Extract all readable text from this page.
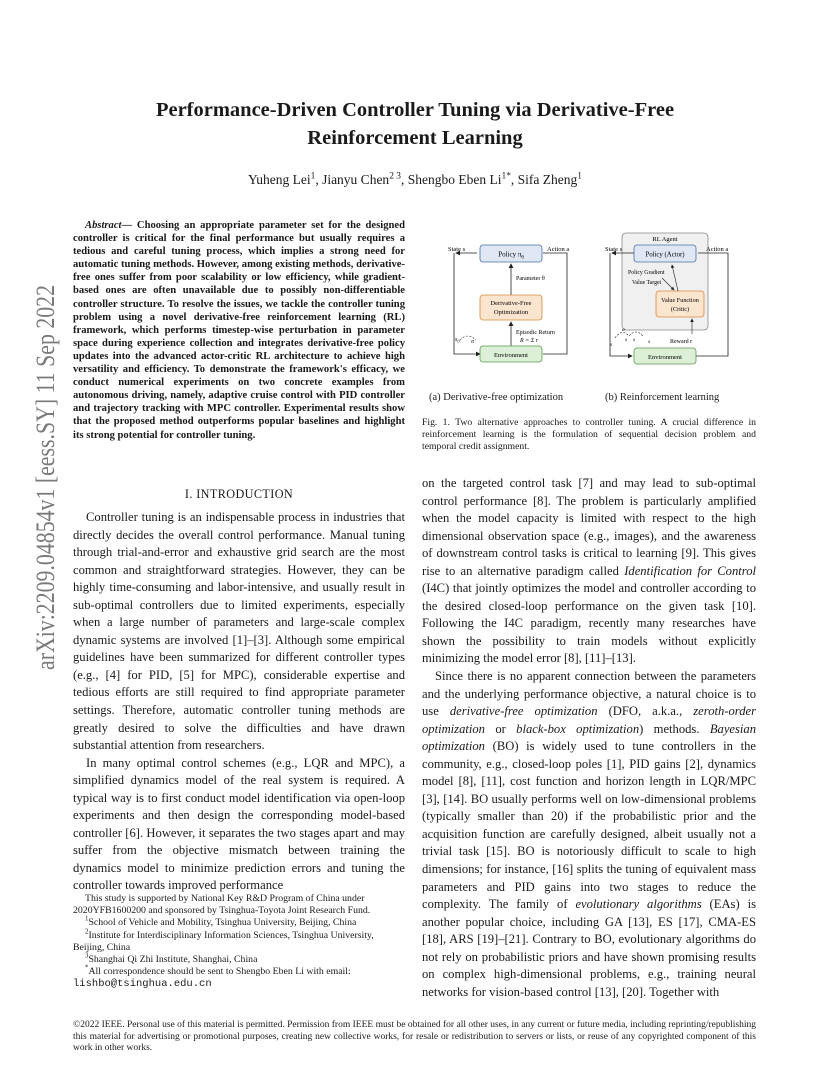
arXiv:2209.04854v1 [eess.SY] 11 Sep 2022
Performance-Driven Controller Tuning via Derivative-Free
Reinforcement Learning
Yuheng Lei$^1$, Jianyu Chen$^{2 3}$, Shengbo Eben $Li^{1*}$, Sifa Zheng$^1$
Abstract— Choosing an appropriate parameter set for the designed controller is critical for the final performance but usually requires a tedious and careful tuning process, which implies a strong need for automatic tuning methods. However, among existing methods, derivative-free ones suffer from poor scalability or low efficiency, while gradient-based ones are often unavailable due to possibly non-differentiable controller structure. To resolve the issues, we tackle the controller tuning problem using a novel derivative-free reinforcement learning (RL) framework, which performs timestep-wise perturbation in parameter space during experience collection and integrates derivative-free policy updates into the advanced actor-critic RL architecture to achieve high versatility and efficiency. To demonstrate the framework's efficacy, we conduct numerical experiments on two concrete examples from autonomous driving, namely, adaptive cruise control with PID controller and trajectory tracking with MPC controller. Experimental results show that the proposed method outperforms popular baselines and highlight its strong potential for controller tuning.
I. INTRODUCTION

Controller tuning is an indispensable process in industries that directly decides the overall control performance. Manual tuning through trial-and-error and exhaustive grid search are the most common and straightforward strategies. However, they can be highly time-consuming and labor-intensive, and usually result in sub-optimal controllers due to limited experiments, especially when a large number of parameters and large-scale complex dynamic systems are involved [1]–[3]. Although some empirical guidelines have been summarized for different controller types (e.g., [4] for PID, [5] for MPC), considerable expertise and tedious efforts are still required to find appropriate parameter settings. Therefore, automatic controller tuning methods are greatly desired to solve the difficulties and have drawn substantial attention from researchers.

In many optimal control schemes (e.g., LQR and MPC), a simplified dynamics model of the real system is required. A typical way is to first conduct model identification via open-loop experiments and then design the corresponding model-based controller [6]. However, it separates the two stages apart and may suffer from the objective mismatch between training the dynamics model to minimize prediction errors and tuning the controller towards improved performance

This study is supported by National Key R&D Program of China under 2020YFB1600200 and sponsored by Tsinghua-Toyota Joint Research Fund.

$^1$School of Vehicle and Mobility, Tsinghua University, Beijing, China

$^2$Institute for Interdisciplinary Information Sciences, Tsinghua University, Beijing, China

$^3$Shanghai Qi Zhi Institute, Shanghai, China

*All correspondence should be sent to Shengbo Eben Li with email:

lishbo@tsinghua.edu.cn
State s	Action a
Policy $\pi_\theta$
Parameter θ
Derivative-Free
Optimization
Episodic Return
R = Σ r
Environment
$s_0$ π
RL Agent
State s	Action a
Policy (Actor)
Policy Gradient
Value Target
Value Function
(Critic)
Reward r
Environment
s
a
s s s
(a) Derivative-free optimization	(b) Reinforcement learning
Fig. 1. Two alternative approaches to controller tuning. A crucial difference in reinforcement learning is the formulation of sequential decision problem and temporal credit assignment.

on the targeted control task [7] and may lead to sub-optimal control performance [8]. The problem is particularly amplified when the model capacity is limited with respect to the high dimensional observation space (e.g., images), and the awareness of downstream control tasks is critical to learning [9]. This gives rise to an alternative paradigm called Identification for Control (I4C) that jointly optimizes the model and controller according to the desired closed-loop performance on the given task [10]. Following the I4C paradigm, recently many researches have shown the possibility to train models without explicitly minimizing the model error [8], [11]–[13].

Since there is no apparent connection between the parameters and the underlying performance objective, a natural choice is to use derivative-free optimization (DFO, a.k.a., zeroth-order optimization or black-box optimization) methods. Bayesian optimization (BO) is widely used to tune controllers in the community, e.g., closed-loop poles [1], PID gains [2], dynamics model [8], [11], cost function and horizon length in LQR/MPC [3], [14]. BO usually performs well on low-dimensional problems (typically smaller than 20) if the probabilistic prior and the acquisition function are carefully designed, albeit usually not a trivial task [15]. BO is notoriously difficult to scale to high dimensions; for instance, [16] splits the tuning of equivalent mass parameters and PID gains into two stages to reduce the complexity. The family of evolutionary algorithms (EAs) is another popular choice, including GA [13], ES [17], CMA-ES [18], ARS [19]–[21]. Contrary to BO, evolutionary algorithms do not rely on probabilistic priors and have shown promising results on complex high-dimensional problems, e.g., training neural networks for vision-based control [13], [20]. Together with

©2022 IEEE. Personal use of this material is permitted. Permission from IEEE must be obtained for all other uses, in any current or future media, including reprinting/republishing this material for advertising or promotional purposes, creating new collective works, for resale or redistribution to servers or lists, or reuse of any copyrighted component of this work in other works.
